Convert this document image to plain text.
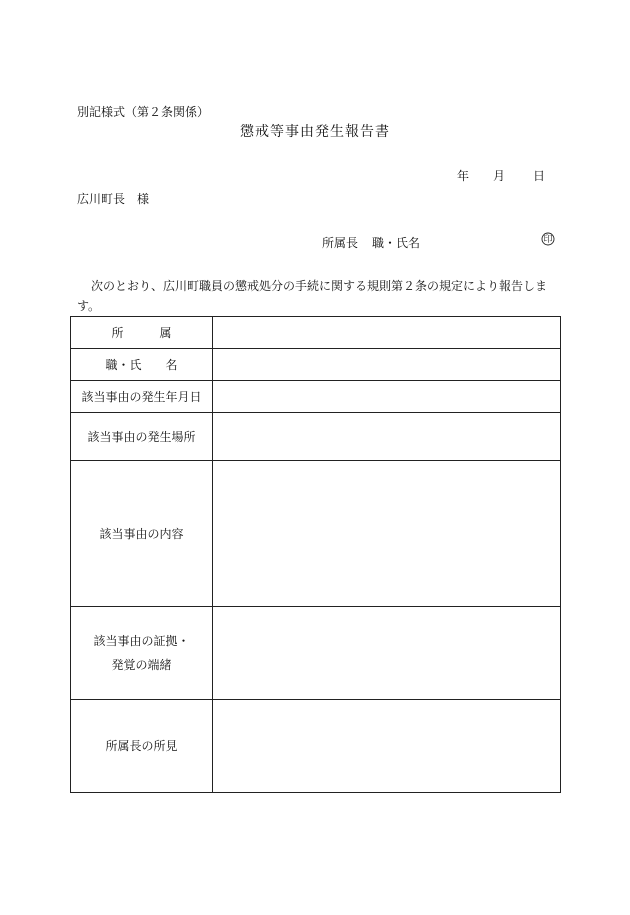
別記様式（第２条関係）
懲戒等事由発生報告書
年 月 日
広川町長 様
所属長 職・氏名	印
次のとおり、広川町職員の懲戒処分の手続に関する規則第２条の規定により報告します。
所　　　属	
職・氏　　名	
該当事由の発生年月日	
該当事由の発生場所	
該当事由の内容	

該当事由の証拠・
発覚の端緒	

所属長の所見	
